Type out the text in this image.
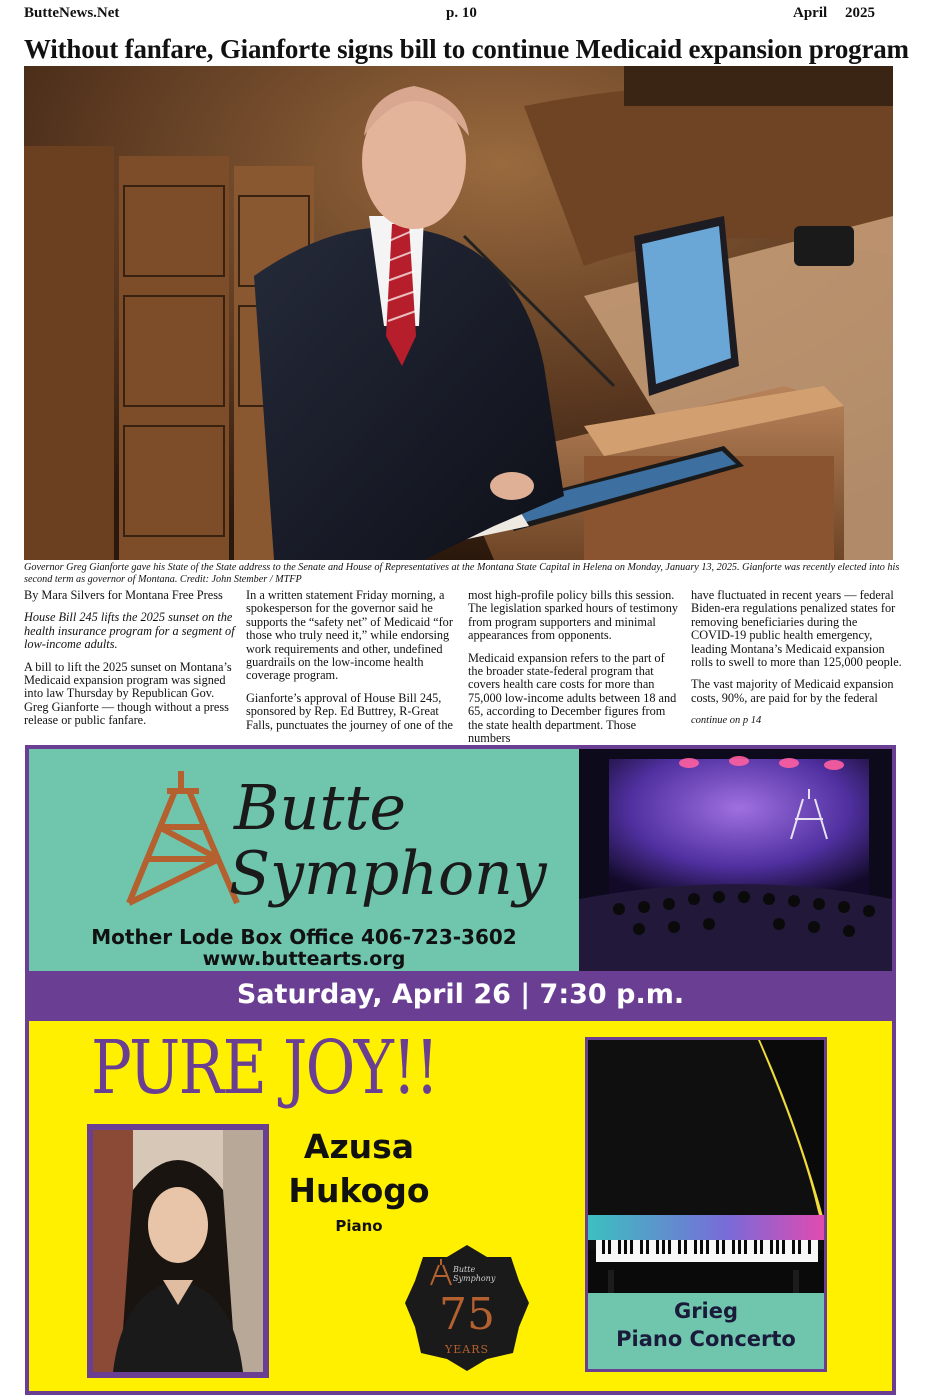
ButteNews.Net	p. 10	April 2025
Without fanfare, Gianforte signs bill to continue Medicaid expansion program
Governor Greg Gianforte gave his State of the State address to the Senate and House of Representatives at the Montana State Capital in Helena on Monday, January 13, 2025. Gianforte was recently elected into his second term as governor of Montana. Credit: John Stember / MTFP

By Mara Silvers for Montana Free Press

House Bill 245 lifts the 2025 sunset on the health insurance program for a segment of low-income adults.

A bill to lift the 2025 sunset on Montana’s Medicaid expansion program was signed into law Thursday by Republican Gov. Greg Gianforte — though without a press release or public fanfare.

In a written statement Friday morning, a spokesperson for the governor said he supports the “safety net” of Medicaid “for those who truly need it,” while endorsing work requirements and other, undefined guardrails on the low-income health coverage program.

Gianforte’s approval of House Bill 245, sponsored by Rep. Ed Buttrey, R-Great Falls, punctuates the journey of one of the

most high-profile policy bills this session. The legislation sparked hours of testimony from program supporters and minimal appearances from opponents.

Medicaid expansion refers to the part of the broader state-federal program that covers health care costs for more than 75,000 low-income adults between 18 and 65, according to December figures from the state health department. Those numbers

have fluctuated in recent years — federal Biden-era regulations penalized states for removing beneficiaries during the COVID-19 public health emergency, leading Montana’s Medicaid expansion rolls to swell to more than 125,000 people.

The vast majority of Medicaid expansion costs, 90%, are paid for by the federal

continue on p 14
Butte
Symphony
Mother Lode Box Office 406-723-3602
www.buttearts.org
Saturday, April 26 | 7:30 p.m.
PURE JOY!!
Azusa
Hukogo
Piano
Butte Symphony
75
YEARS
Grieg
Piano Concerto
